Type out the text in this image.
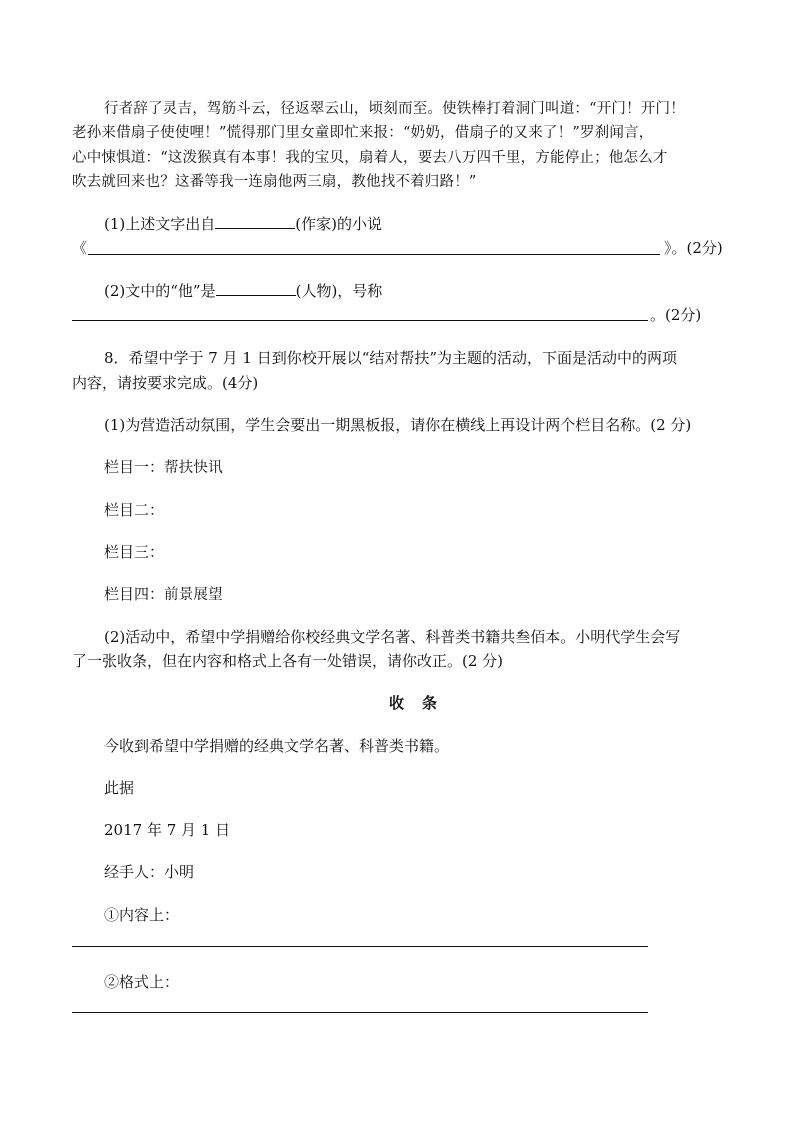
行者辞了灵吉，驾筋斗云，径返翠云山，顷刻而至。使铁棒打着洞门叫道：“开门！开门！
老孙来借扇子使使哩！”慌得那门里女童即忙来报：“奶奶，借扇子的又来了！”罗刹闻言，
心中悚惧道：“这泼猴真有本事！我的宝贝，扇着人，要去八万四千里，方能停止；他怎么才
吹去就回来也？这番等我一连扇他两三扇，教他找不着归路！”
(1)上述文字出自	(作家)的小说
《	》。(2分)
(2)文中的“他”是	(人物)，号称
。(2分)
8．希望中学于 7 月 1 日到你校开展以“结对帮扶”为主题的活动，下面是活动中的两项
内容，请按要求完成。(4分)
(1)为营造活动氛围，学生会要出一期黑板报，请你在横线上再设计两个栏目名称。(2 分)
栏目一：帮扶快讯
栏目二：
栏目三：
栏目四：前景展望
(2)活动中，希望中学捐赠给你校经典文学名著、科普类书籍共叁佰本。小明代学生会写
了一张收条，但在内容和格式上各有一处错误，请你改正。(2 分)
收条
今收到希望中学捐赠的经典文学名著、科普类书籍。
此据
2017 年 7 月 1 日
经手人：小明
①内容上：
②格式上：
